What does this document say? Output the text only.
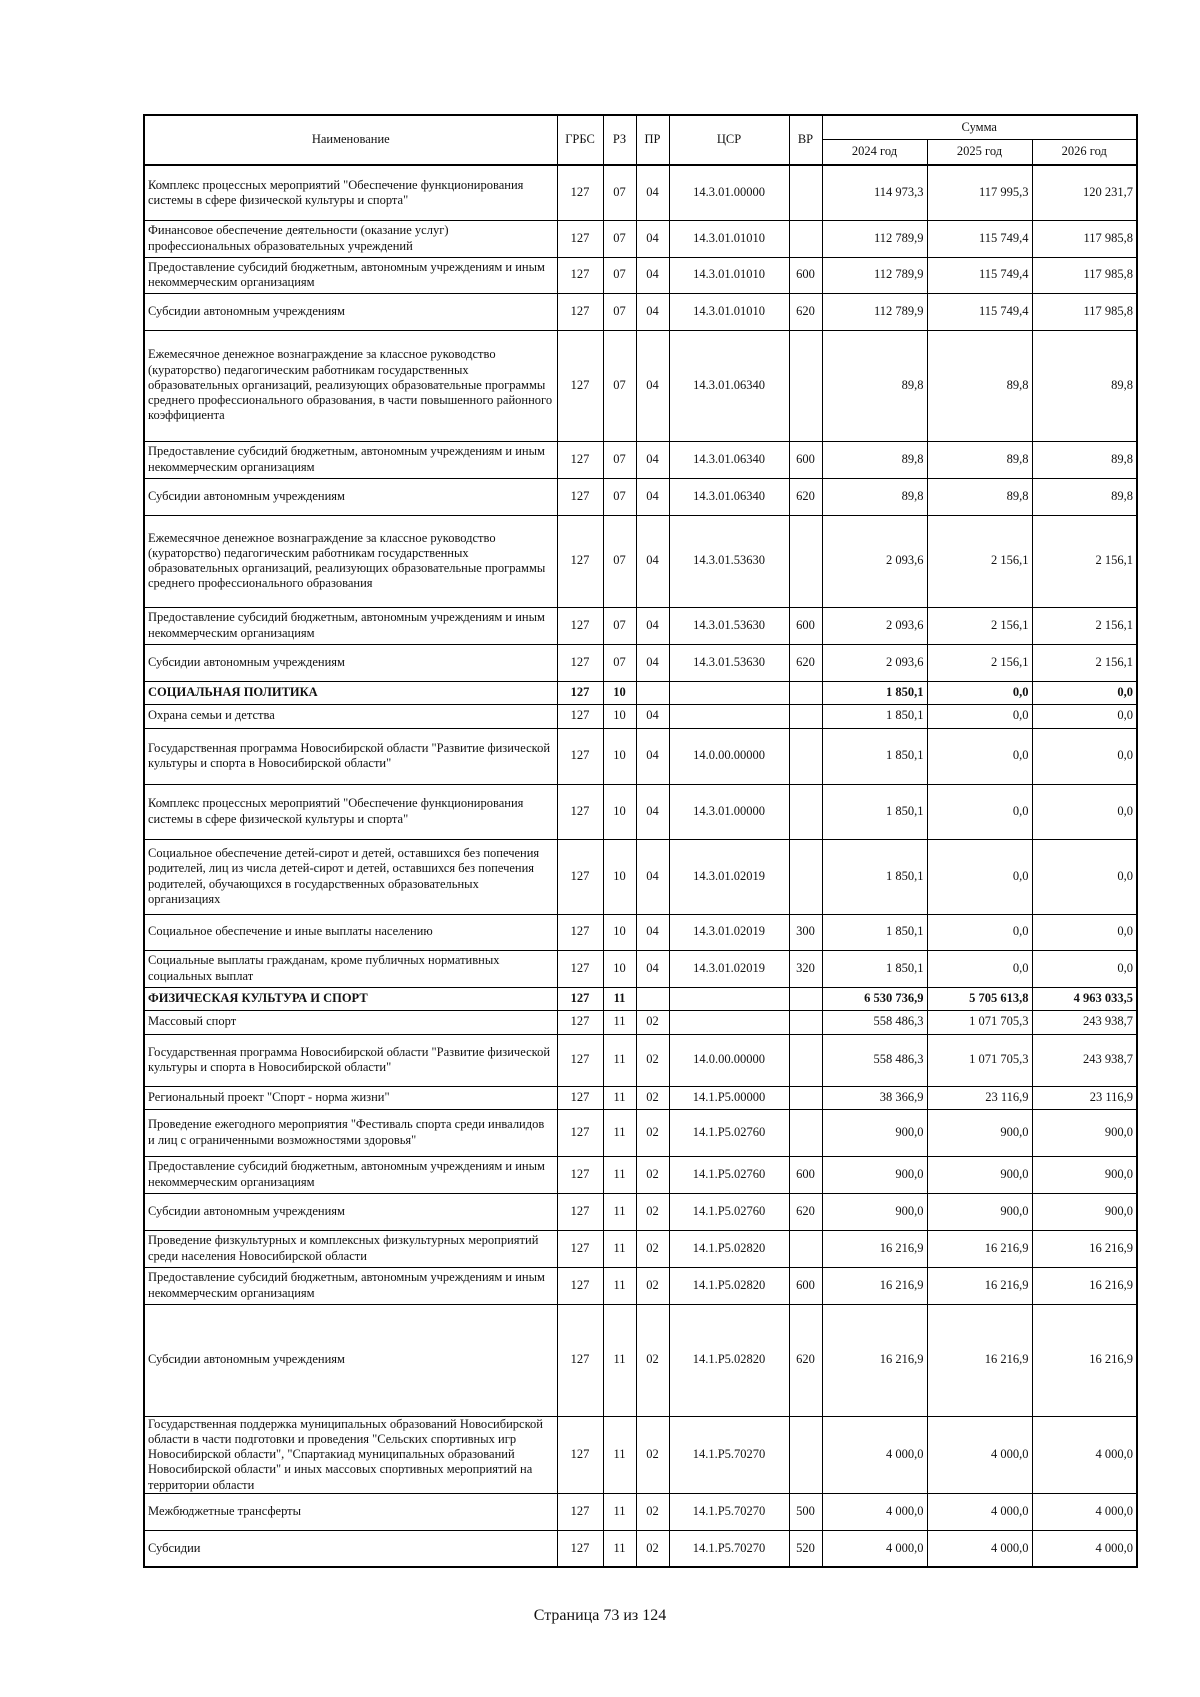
Наименование	ГРБС	РЗ	ПР	ЦСР	ВР	Сумма		
						2024 год	2025 год	2026 год
Комплекс процессных мероприятий "Обеспечение функционирования системы в сфере физической культуры и спорта"	127	07	04	14.3.01.00000		114 973,3	117 995,3	120 231,7
Финансовое обеспечение деятельности (оказание услуг) профессиональных образовательных учреждений	127	07	04	14.3.01.01010		112 789,9	115 749,4	117 985,8
Предоставление субсидий бюджетным, автономным учреждениям и иным некоммерческим организациям	127	07	04	14.3.01.01010	600	112 789,9	115 749,4	117 985,8
Субсидии автономным учреждениям	127	07	04	14.3.01.01010	620	112 789,9	115 749,4	117 985,8
Ежемесячное денежное вознаграждение за классное руководство (кураторство) педагогическим работникам государственных образовательных организаций, реализующих образовательные программы среднего профессионального образования, в части повышенного районного коэффициента	127	07	04	14.3.01.06340		89,8	89,8	89,8
Предоставление субсидий бюджетным, автономным учреждениям и иным некоммерческим организациям	127	07	04	14.3.01.06340	600	89,8	89,8	89,8
Субсидии автономным учреждениям	127	07	04	14.3.01.06340	620	89,8	89,8	89,8
Ежемесячное денежное вознаграждение за классное руководство (кураторство) педагогическим работникам государственных образовательных организаций, реализующих образовательные программы среднего профессионального образования	127	07	04	14.3.01.53630		2 093,6	2 156,1	2 156,1
Предоставление субсидий бюджетным, автономным учреждениям и иным некоммерческим организациям	127	07	04	14.3.01.53630	600	2 093,6	2 156,1	2 156,1
Субсидии автономным учреждениям	127	07	04	14.3.01.53630	620	2 093,6	2 156,1	2 156,1
СОЦИАЛЬНАЯ ПОЛИТИКА	127	10				1 850,1	0,0	0,0
Охрана семьи и детства	127	10	04			1 850,1	0,0	0,0
Государственная программа Новосибирской области "Развитие физической культуры и спорта в Новосибирской области"	127	10	04	14.0.00.00000		1 850,1	0,0	0,0
Комплекс процессных мероприятий "Обеспечение функционирования системы в сфере физической культуры и спорта"	127	10	04	14.3.01.00000		1 850,1	0,0	0,0
Социальное обеспечение детей-сирот и детей, оставшихся без попечения родителей, лиц из числа детей-сирот и детей, оставшихся без попечения родителей, обучающихся в государственных образовательных организациях	127	10	04	14.3.01.02019		1 850,1	0,0	0,0
Социальное обеспечение и иные выплаты населению	127	10	04	14.3.01.02019	300	1 850,1	0,0	0,0
Социальные выплаты гражданам, кроме публичных нормативных социальных выплат	127	10	04	14.3.01.02019	320	1 850,1	0,0	0,0
ФИЗИЧЕСКАЯ КУЛЬТУРА И СПОРТ	127	11				6 530 736,9	5 705 613,8	4 963 033,5
Массовый спорт	127	11	02			558 486,3	1 071 705,3	243 938,7
Государственная программа Новосибирской области "Развитие физической культуры и спорта в Новосибирской области"	127	11	02	14.0.00.00000		558 486,3	1 071 705,3	243 938,7
Региональный проект "Спорт - норма жизни"	127	11	02	14.1.P5.00000		38 366,9	23 116,9	23 116,9
Проведение ежегодного мероприятия "Фестиваль спорта среди инвалидов и лиц с ограниченными возможностями здоровья"	127	11	02	14.1.P5.02760		900,0	900,0	900,0
Предоставление субсидий бюджетным, автономным учреждениям и иным некоммерческим организациям	127	11	02	14.1.P5.02760	600	900,0	900,0	900,0
Субсидии автономным учреждениям	127	11	02	14.1.P5.02760	620	900,0	900,0	900,0
Проведение физкультурных и комплексных физкультурных мероприятий среди населения Новосибирской области	127	11	02	14.1.P5.02820		16 216,9	16 216,9	16 216,9
Предоставление субсидий бюджетным, автономным учреждениям и иным некоммерческим организациям	127	11	02	14.1.P5.02820	600	16 216,9	16 216,9	16 216,9
Субсидии автономным учреждениям	127	11	02	14.1.P5.02820	620	16 216,9	16 216,9	16 216,9
Государственная поддержка муниципальных образований Новосибирской области в части подготовки и проведения "Сельских спортивных игр Новосибирской области", "Спартакиад муниципальных образований Новосибирской области" и иных массовых спортивных мероприятий на территории области	127	11	02	14.1.P5.70270		4 000,0	4 000,0	4 000,0
Межбюджетные трансферты	127	11	02	14.1.P5.70270	500	4 000,0	4 000,0	4 000,0
Субсидии	127	11	02	14.1.P5.70270	520	4 000,0	4 000,0	4 000,0
Страница 73 из 124
